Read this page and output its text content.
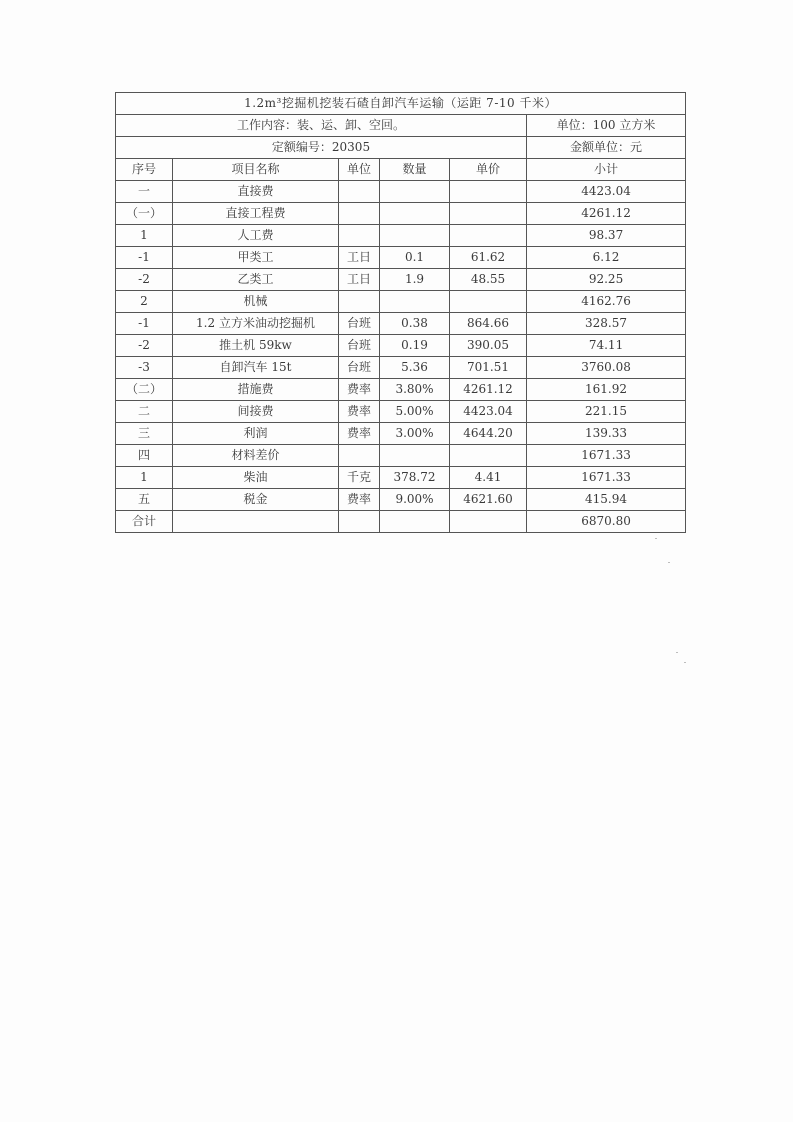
1.2m³挖掘机挖装石碴自卸汽车运输（运距 7-10 千米）					
工作内容：装、运、卸、空回。					单位：100 立方米
定额编号：20305					金额单位：元
序号	项目名称	单位	数量	单价	小计
一	直接费				4423.04
（一）	直接工程费				4261.12
1	人工费				98.37
-1	甲类工	工日	0.1	61.62	6.12
-2	乙类工	工日	1.9	48.55	92.25
2	机械				4162.76
-1	1.2 立方米油动挖掘机	台班	0.38	864.66	328.57
-2	推土机 59kw	台班	0.19	390.05	74.11
-3	自卸汽车 15t	台班	5.36	701.51	3760.08
（二）	措施费	费率	3.80%	4261.12	161.92
二	间接费	费率	5.00%	4423.04	221.15
三	利润	费率	3.00%	4644.20	139.33
四	材料差价				1671.33
1	柴油	千克	378.72	4.41	1671.33
五	税金	费率	9.00%	4621.60	415.94
合计					6870.80
